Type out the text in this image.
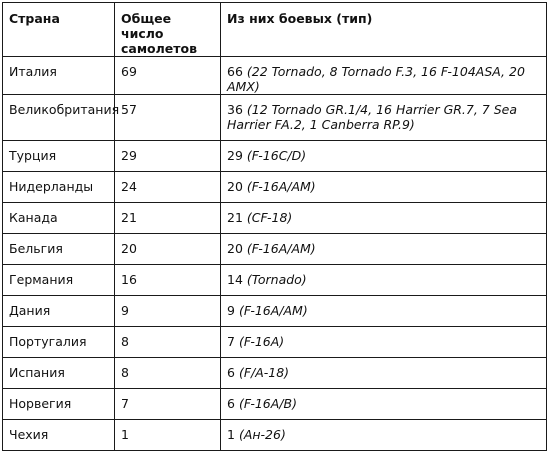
Страна	Общее число самолетов	Из них боевых (тип)

Италия	69	66 (22 Tornado, 8 Tornado F.3, 16 F-104ASA, 20 AMX)

Великобритания	57	36 (12 Tornado GR.1/4, 16 Harrier GR.7, 7 Sea Harrier FA.2, 1 Canberra RP.9)

Турция	29	29 (F-16C/D)

Нидерланды	24	20 (F-16A/AM)

Канада	21	21 (CF-18)

Бельгия	20	20 (F-16A/AM)

Германия	16	14 (Tornado)

Дания	9	9 (F-16A/AM)

Португалия	8	7 (F-16A)

Испания	8	6 (F/A-18)

Норвегия	7	6 (F-16A/B)

Чехия	1	1 (Ан-26)
